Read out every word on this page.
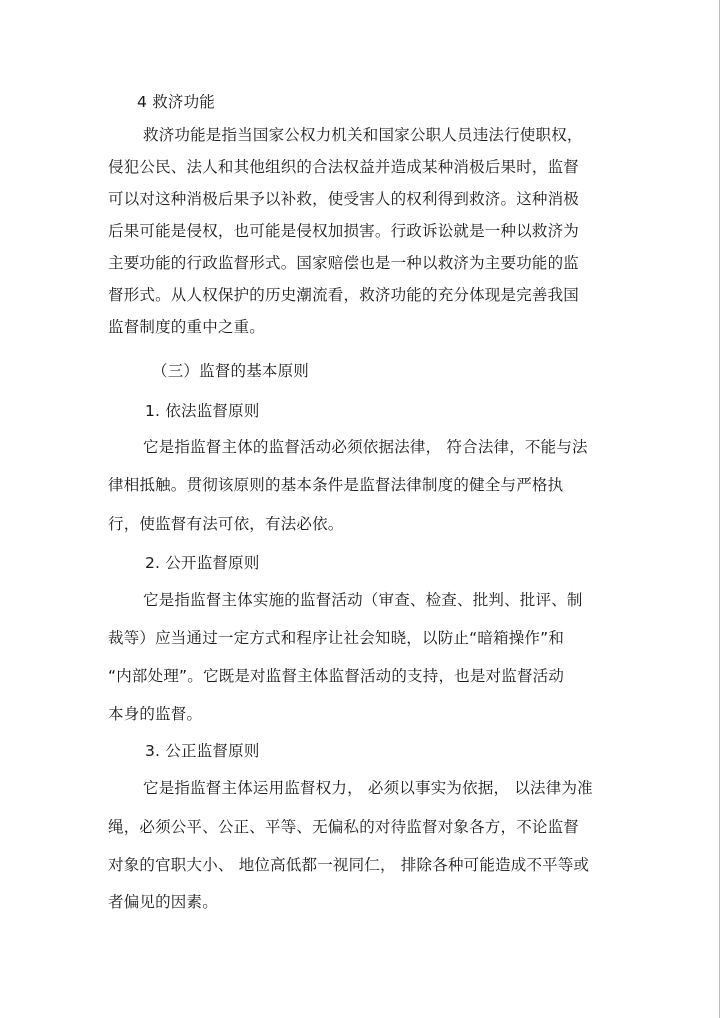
4 救济功能
救济功能是指当国家公权力机关和国家公职人员违法行使职权，
侵犯公民、法人和其他组织的合法权益并造成某种消极后果时，监督
可以对这种消极后果予以补救，使受害人的权利得到救济。这种消极
后果可能是侵权，也可能是侵权加损害。行政诉讼就是一种以救济为
主要功能的行政监督形式。国家赔偿也是一种以救济为主要功能的监
督形式。从人权保护的历史潮流看，救济功能的充分体现是完善我国
监督制度的重中之重。
（三）监督的基本原则
1. 依法监督原则
它是指监督主体的监督活动必须依据法律， 符合法律，不能与法
律相抵触。贯彻该原则的基本条件是监督法律制度的健全与严格执
行，使监督有法可依，有法必依。
2. 公开监督原则
它是指监督主体实施的监督活动（审查、检查、批判、批评、制
裁等）应当通过一定方式和程序让社会知晓，以防止“暗箱操作”和
“内部处理”。它既是对监督主体监督活动的支持，也是对监督活动
本身的监督。
3. 公正监督原则
它是指监督主体运用监督权力， 必须以事实为依据， 以法律为准
绳，必须公平、公正、平等、无偏私的对待监督对象各方，不论监督
对象的官职大小、 地位高低都一视同仁， 排除各种可能造成不平等或
者偏见的因素。
